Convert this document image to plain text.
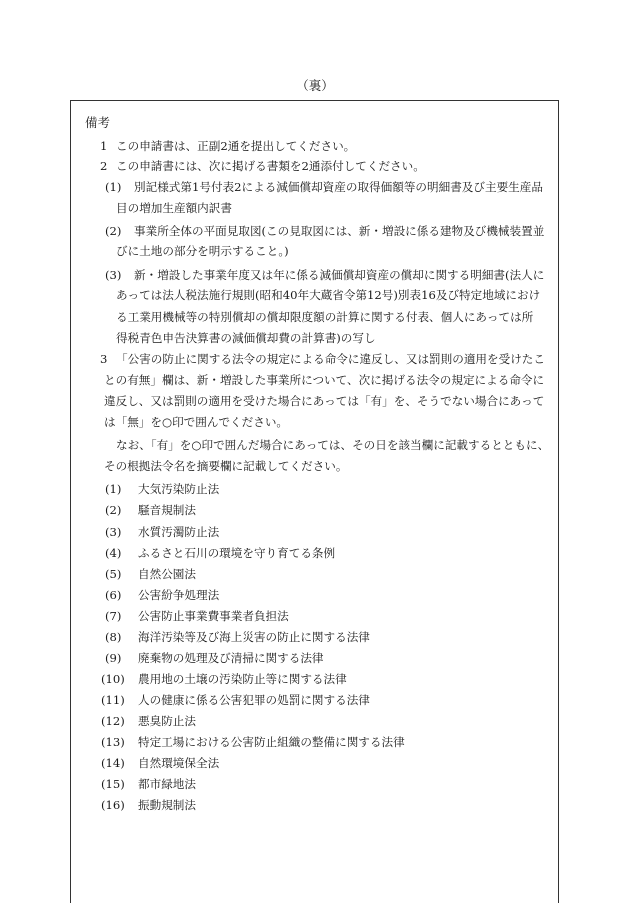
（裏）
備考
1 この申請書は、正副2通を提出してください。
2 この申請書には、次に掲げる書類を2通添付してください。
(1) 別記様式第1号付表2による減価償却資産の取得価額等の明細書及び主要生産品
目の増加生産額内訳書
(2) 事業所全体の平面見取図(この見取図には、新・増設に係る建物及び機械装置並
びに土地の部分を明示すること。)
(3) 新・増設した事業年度又は年に係る減価償却資産の償却に関する明細書(法人に
あっては法人税法施行規則(昭和40年大蔵省令第12号)別表16及び特定地域におけ
る工業用機械等の特別償却の償却限度額の計算に関する付表、個人にあっては所
得税青色申告決算書の減価償却費の計算書)の写し
3 「公害の防止に関する法令の規定による命令に違反し、又は罰則の適用を受けたこ
との有無」欄は、新・増設した事業所について、次に掲げる法令の規定による命令に
違反し、又は罰則の適用を受けた場合にあっては「有」を、そうでない場合にあって
は「無」を○印で囲んでください。
なお、「有」を○印で囲んだ場合にあっては、その日を該当欄に記載するとともに、
その根拠法令名を摘要欄に記載してください。
(1) 大気汚染防止法
(2) 騒音規制法
(3) 水質汚濁防止法
(4) ふるさと石川の環境を守り育てる条例
(5) 自然公園法
(6) 公害紛争処理法
(7) 公害防止事業費事業者負担法
(8) 海洋汚染等及び海上災害の防止に関する法律
(9) 廃棄物の処理及び清掃に関する法律
(10) 農用地の土壌の汚染防止等に関する法律
(11) 人の健康に係る公害犯罪の処罰に関する法律
(12) 悪臭防止法
(13) 特定工場における公害防止組織の整備に関する法律
(14) 自然環境保全法
(15) 都市緑地法
(16) 振動規制法
